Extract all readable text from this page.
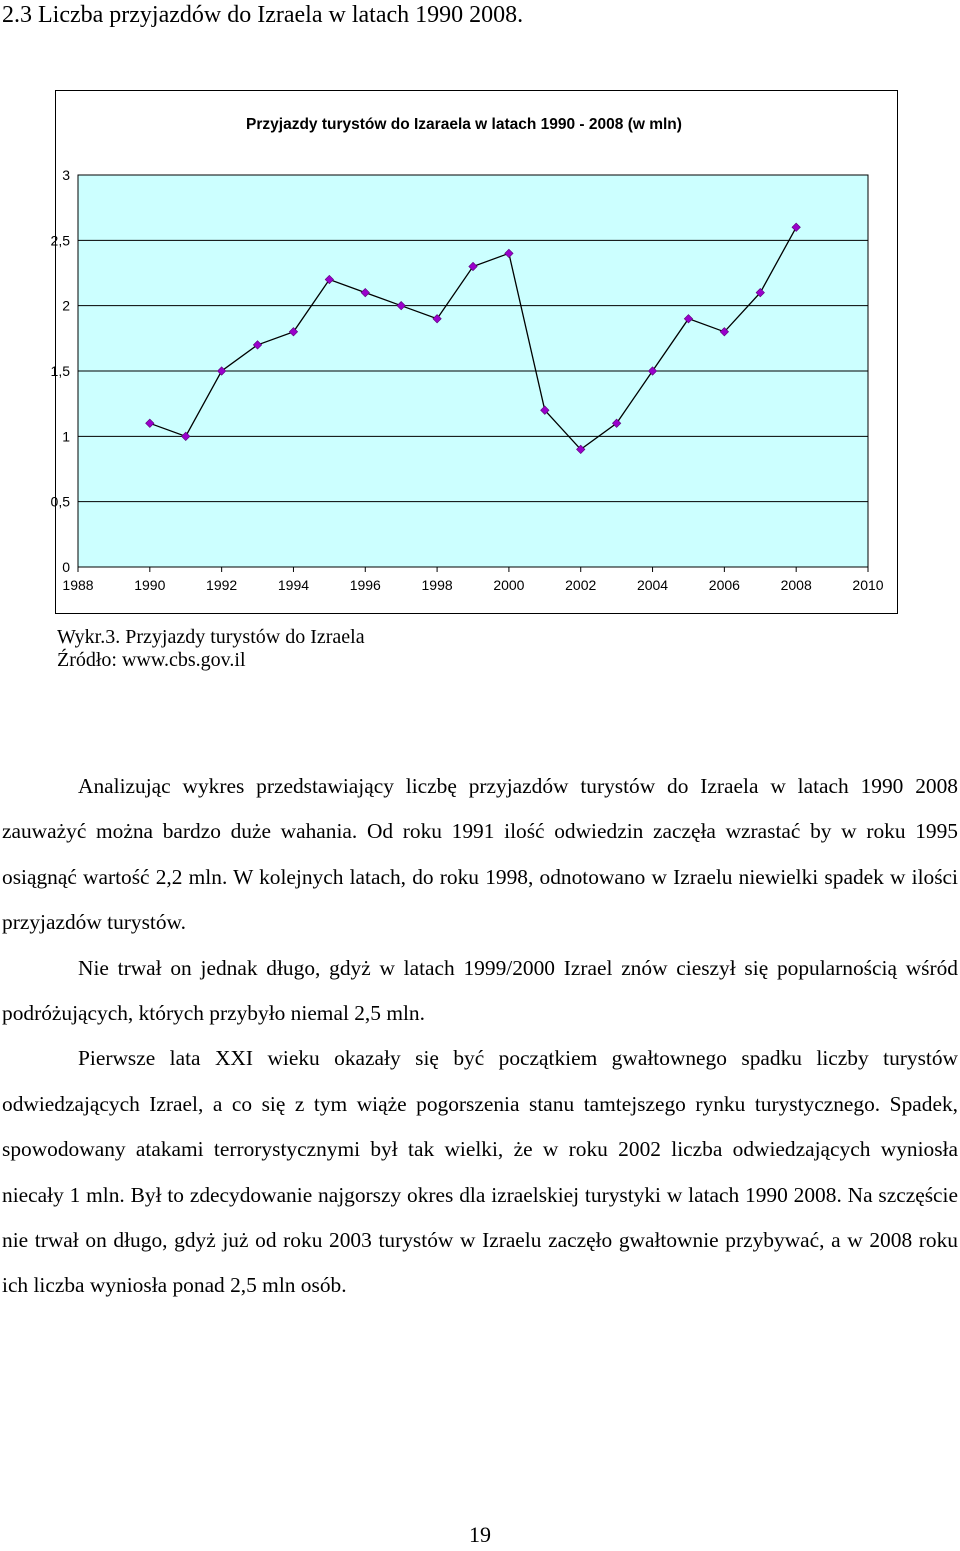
2.3 Liczba przyjazdów do Izraela w latach 1990 2008.
Przyjazdy turystów do Izaraela w latach 1990 - 2008 (w mln)
0
0,5
1
1,5
2
2,5
3
1988	1990	1992	1994	1996	1998	2000	2002	2004	2006	2008	2010
Wykr.3. Przyjazdy turystów do Izraela
Źródło: www.cbs.gov.il

Analizując wykres przedstawiający liczbę przyjazdów turystów do Izraela w latach 1990 2008 zauważyć można bardzo duże wahania. Od roku 1991 ilość odwiedzin zaczęła wzrastać by w roku 1995 osiągnąć wartość 2,2 mln. W kolejnych latach, do roku 1998, odnotowano w Izraelu niewielki spadek w ilości przyjazdów turystów.

Nie trwał on jednak długo, gdyż w latach 1999/2000 Izrael znów cieszył się popularnością wśród podróżujących, których przybyło niemal 2,5 mln.

Pierwsze lata XXI wieku okazały się być początkiem gwałtownego spadku liczby turystów odwiedzających Izrael, a co się z tym wiąże pogorszenia stanu tamtejszego rynku turystycznego. Spadek, spowodowany atakami terrorystycznymi był tak wielki, że w roku 2002 liczba odwiedzających wyniosła niecały 1 mln. Był to zdecydowanie najgorszy okres dla izraelskiej turystyki w latach 1990 2008. Na szczęście nie trwał on długo, gdyż już od roku 2003 turystów w Izraelu zaczęło gwałtownie przybywać, a w 2008 roku ich liczba wyniosła ponad 2,5 mln osób.

19
